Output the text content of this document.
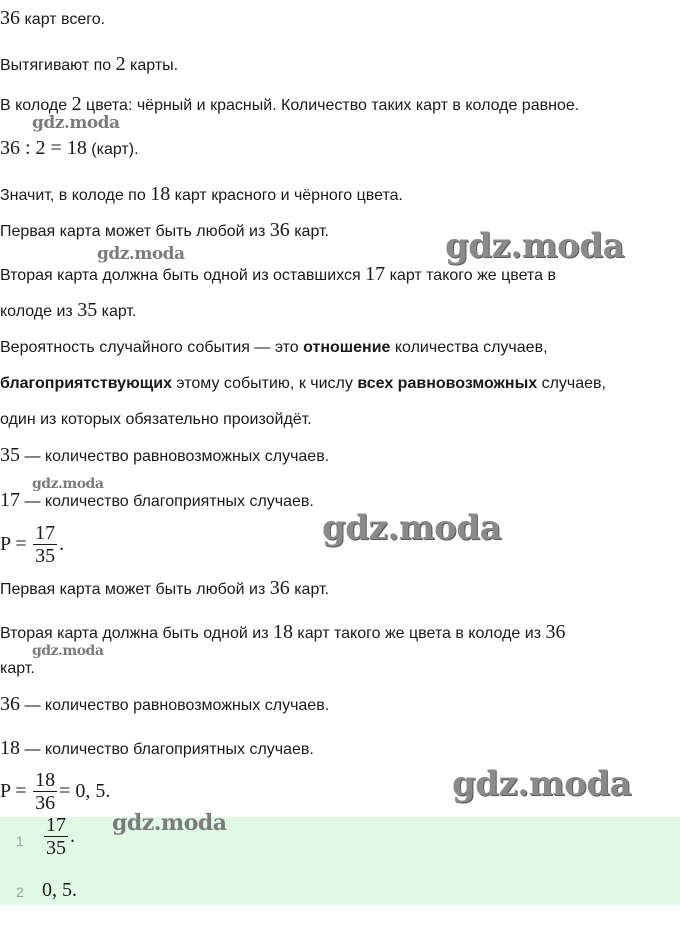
36 карт всего.
Вытягивают по 2 карты.
В колоде 2 цвета: чёрный и красный. Количество таких карт в колоде равное.
36 : 2 = 18 (карт).
Значит, в колоде по 18 карт красного и чёрного цвета.
Первая карта может быть любой из 36 карт.
Вторая карта должна быть одной из оставшихся 17 карт такого же цвета в
колоде из 35 карт.
Вероятность случайного события — это отношение количества случаев,
благоприятствующих этому событию, к числу всех равновозможных случаев,
один из которых обязательно произойдёт.
35 — количество равновозможных случаев.
17 — количество благоприятных случаев.
$P = \frac{17}{35}$ .
Первая карта может быть любой из 36 карт.
Вторая карта должна быть одной из 18 карт такого же цвета в колоде из 36
карт.
36 — количество равновозможных случаев.
18 — количество благоприятных случаев.
$P = \frac{18}{36} = 0$, 5.
$1 \frac{17}{35}$ .
2 0, 5.
gdz.moda
gdz.moda
gdz.moda
gdz.moda
gdz.moda
gdz.moda
gdz.moda
gdz.moda
